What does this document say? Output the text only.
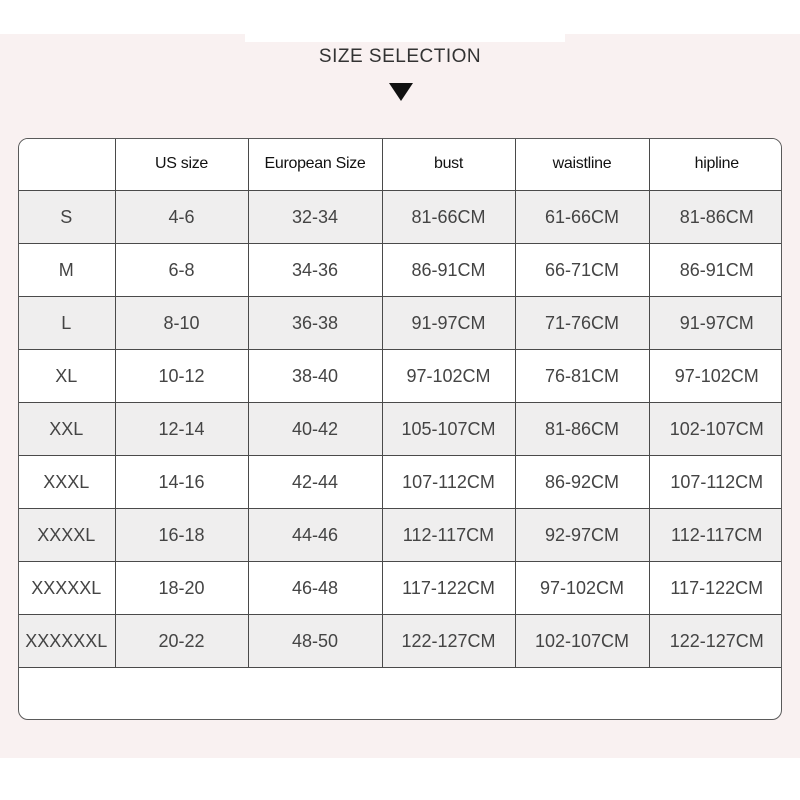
SIZE SELECTION
	US size	European Size	bust	waistline	hipline
S	4-6	32-34	81-66CM	61-66CM	81-86CM
M	6-8	34-36	86-91CM	66-71CM	86-91CM
L	8-10	36-38	91-97CM	71-76CM	91-97CM
XL	10-12	38-40	97-102CM	76-81CM	97-102CM
XXL	12-14	40-42	105-107CM	81-86CM	102-107CM
XXXL	14-16	42-44	107-112CM	86-92CM	107-112CM
XXXXL	16-18	44-46	112-117CM	92-97CM	112-117CM
XXXXXL	18-20	46-48	117-122CM	97-102CM	117-122CM
XXXXXXL	20-22	48-50	122-127CM	102-107CM	122-127CM
